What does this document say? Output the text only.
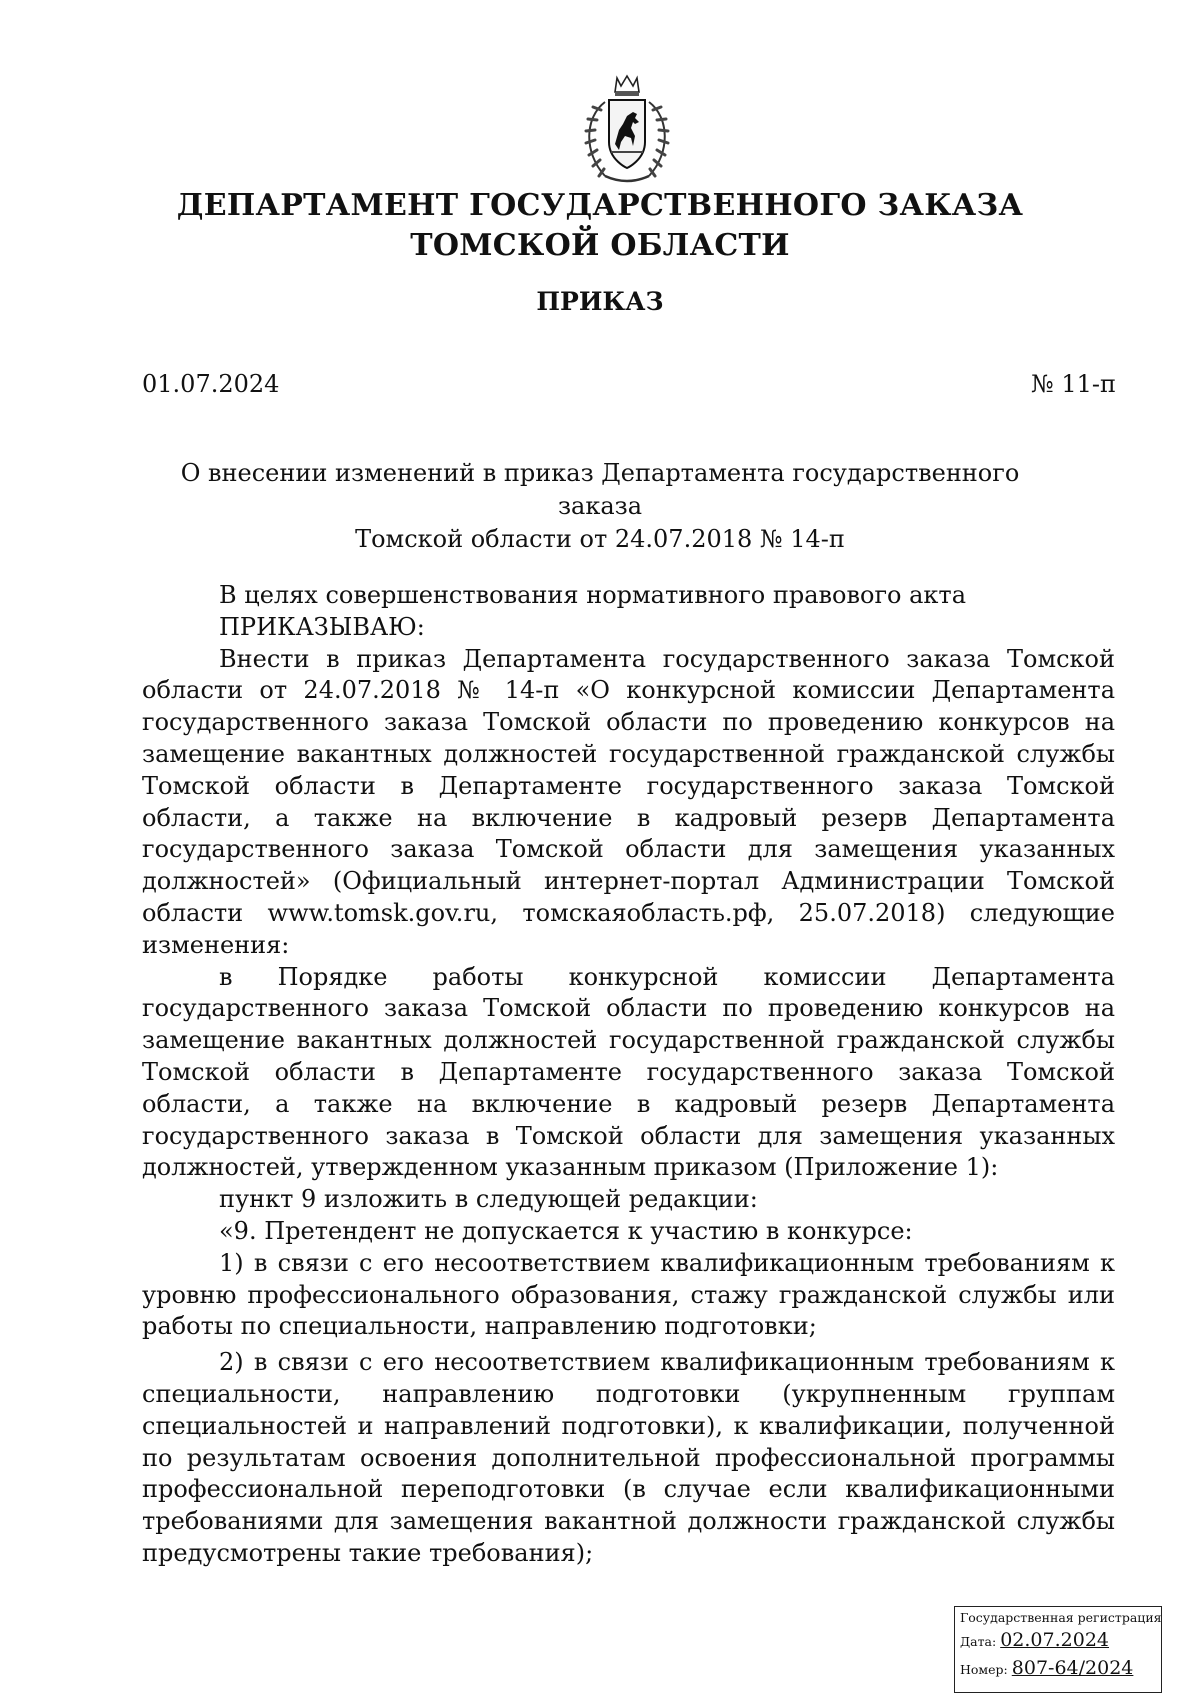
ДЕПАРТАМЕНТ ГОСУДАРСТВЕННОГО ЗАКАЗА
ТОМСКОЙ ОБЛАСТИ
ПРИКАЗ
01.07.2024	№ 11-п
О внесении изменений в приказ Департамента государственного заказа
Томской области от 24.07.2018 № 14-п

В целях совершенствования нормативного правового акта

ПРИКАЗЫВАЮ:

Внести в приказ Департамента государственного заказа Томской области от 24.07.2018 № 14-п «О конкурсной комиссии Департамента государственного заказа Томской области по проведению конкурсов на замещение вакантных должностей государственной гражданской службы Томской области в Департаменте государственного заказа Томской области, а также на включение в кадровый резерв Департамента государственного заказа Томской области для замещения указанных должностей» (Официальный интернет-портал Администрации Томской области www.tomsk.gov.ru, томскаяобласть.рф, 25.07.2018) следующие изменения:

в Порядке работы конкурсной комиссии Департамента государственного заказа Томской области по проведению конкурсов на замещение вакантных должностей государственной гражданской службы Томской области в Департаменте государственного заказа Томской области, а также на включение в кадровый резерв Департамента государственного заказа в Томской области для замещения указанных должностей, утвержденном указанным приказом (Приложение 1):

пункт 9 изложить в следующей редакции:

«9. Претендент не допускается к участию в конкурсе:

1) в связи с его несоответствием квалификационным требованиям к уровню профессионального образования, стажу гражданской службы или работы по специальности, направлению подготовки;

2) в связи с его несоответствием квалификационным требованиям к специальности, направлению подготовки (укрупненным группам специальностей и направлений подготовки), к квалификации, полученной по результатам освоения дополнительной профессиональной программы профессиональной переподготовки (в случае если квалификационными требованиями для замещения вакантной должности гражданской службы предусмотрены такие требования);

Государственная регистрация
Дата: 02.07.2024
Номер: 807-64/2024
